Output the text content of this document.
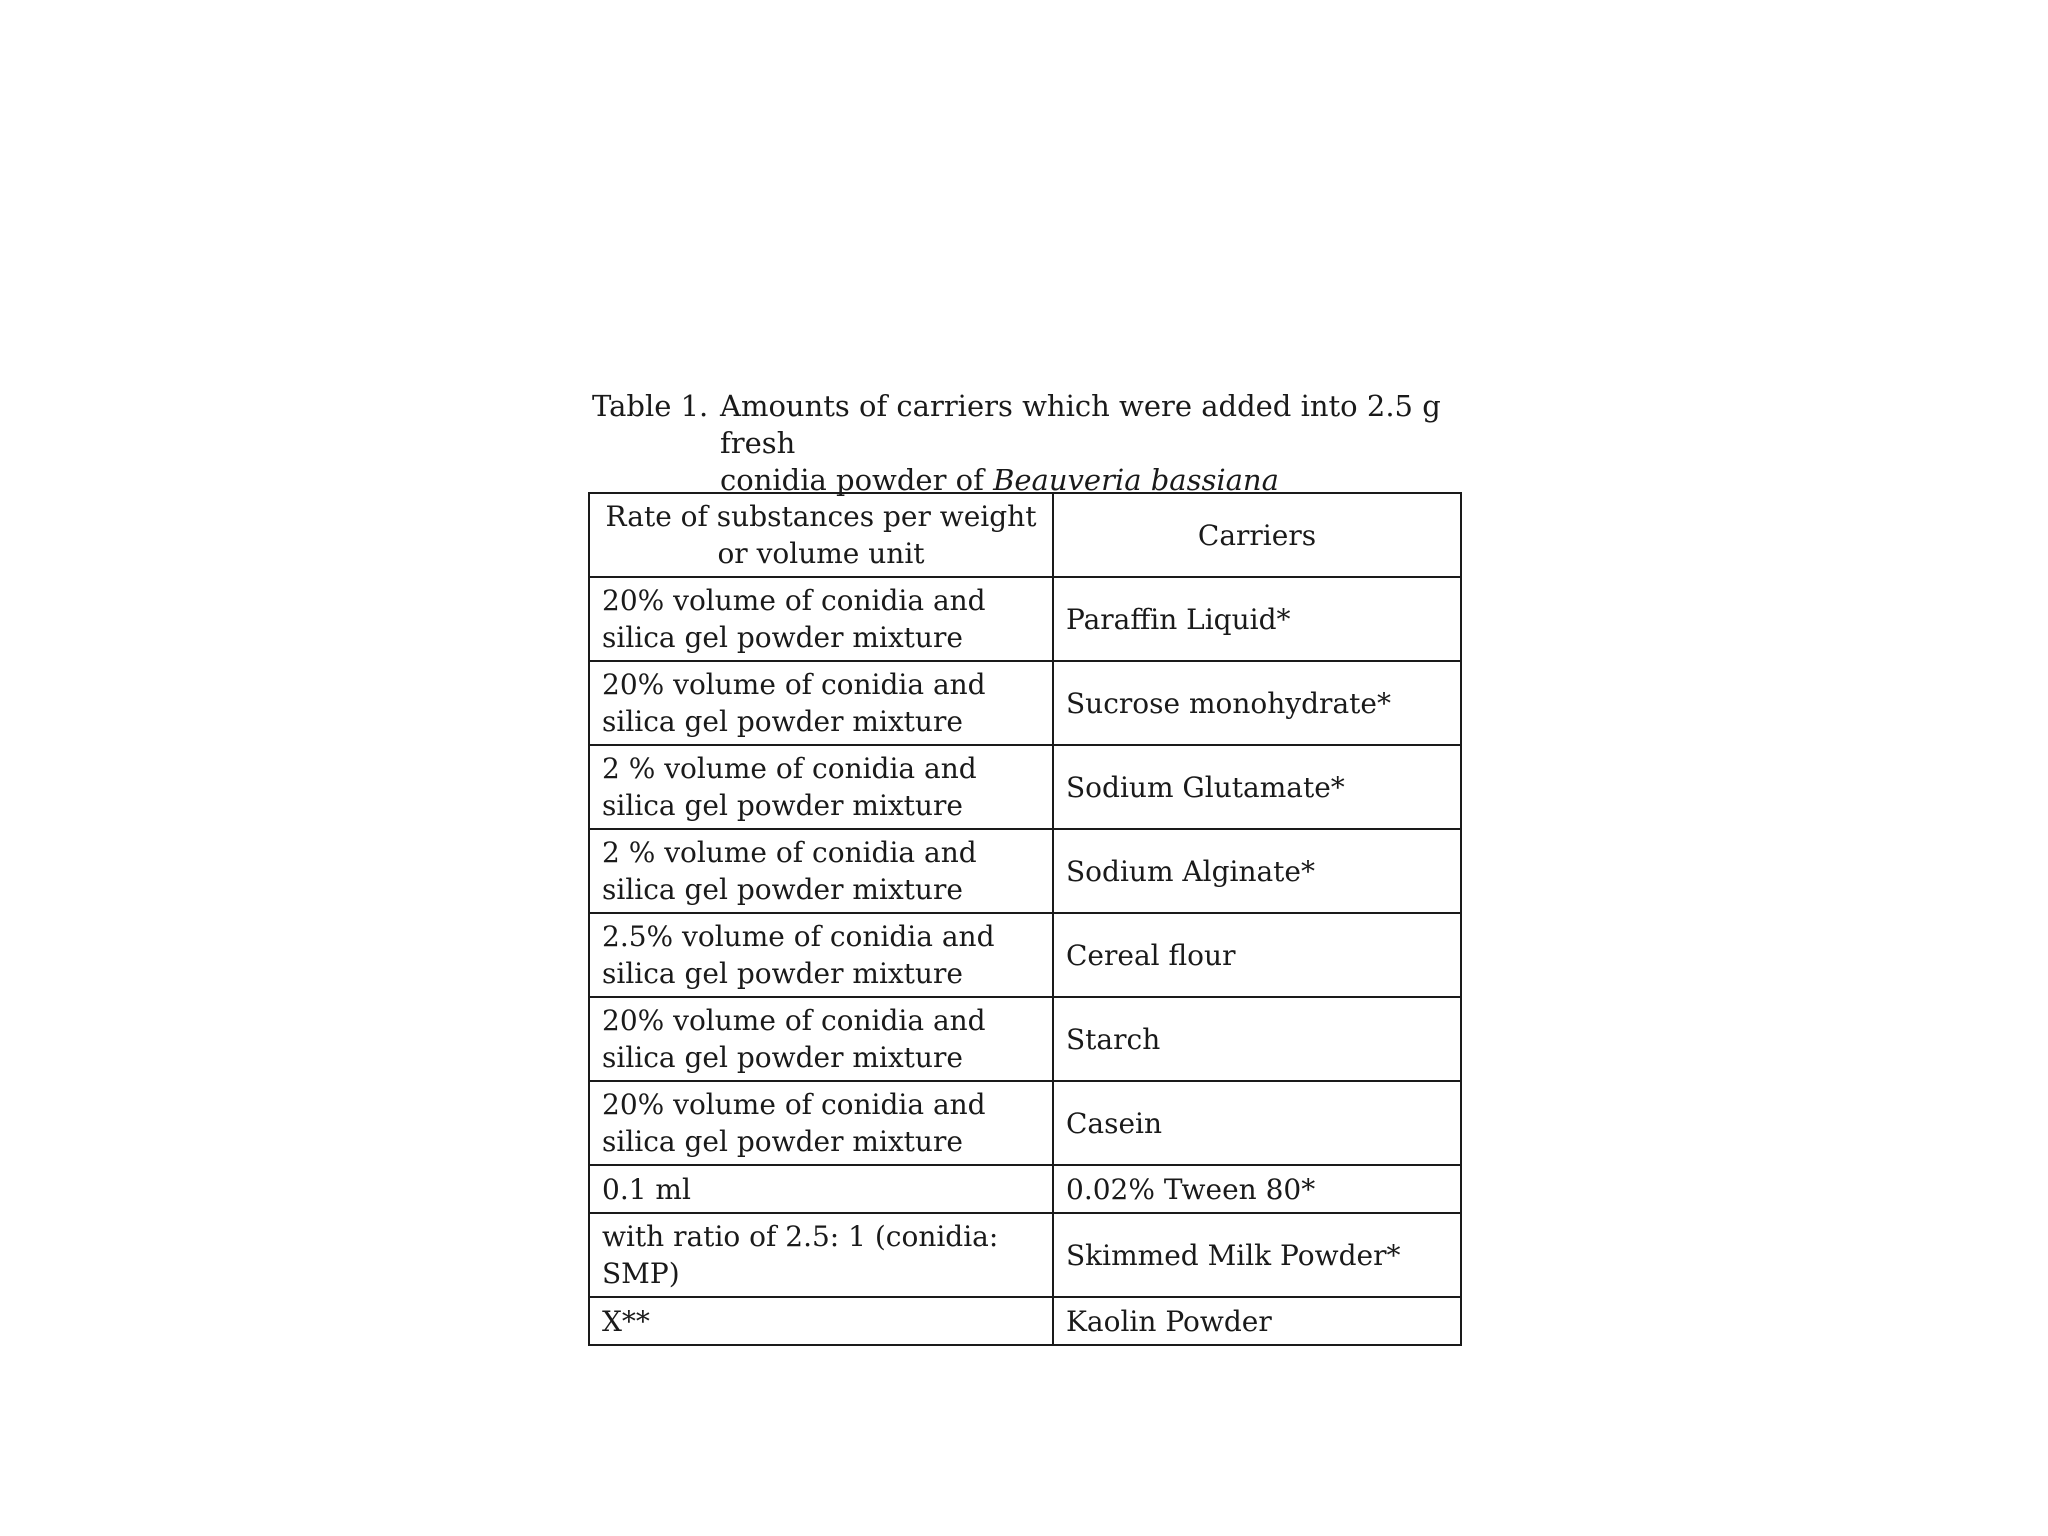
Table 1. Amounts of carriers which were added into 2.5 g fresh
conidia powder of Beauveria bassiana
Rate of substances per weight or volume unit	Carriers
20% volume of conidia and silica gel powder mixture	Paraffin Liquid*
20% volume of conidia and silica gel powder mixture	Sucrose monohydrate*
2 % volume of conidia and silica gel powder mixture	Sodium Glutamate*
2 % volume of conidia and silica gel powder mixture	Sodium Alginate*
2.5% volume of conidia and silica gel powder mixture	Cereal flour
20% volume of conidia and silica gel powder mixture	Starch
20% volume of conidia and silica gel powder mixture	Casein
0.1 ml	0.02% Tween 80*
with ratio of 2.5: 1 (conidia: SMP)	Skimmed Milk Powder*
X**	Kaolin Powder
